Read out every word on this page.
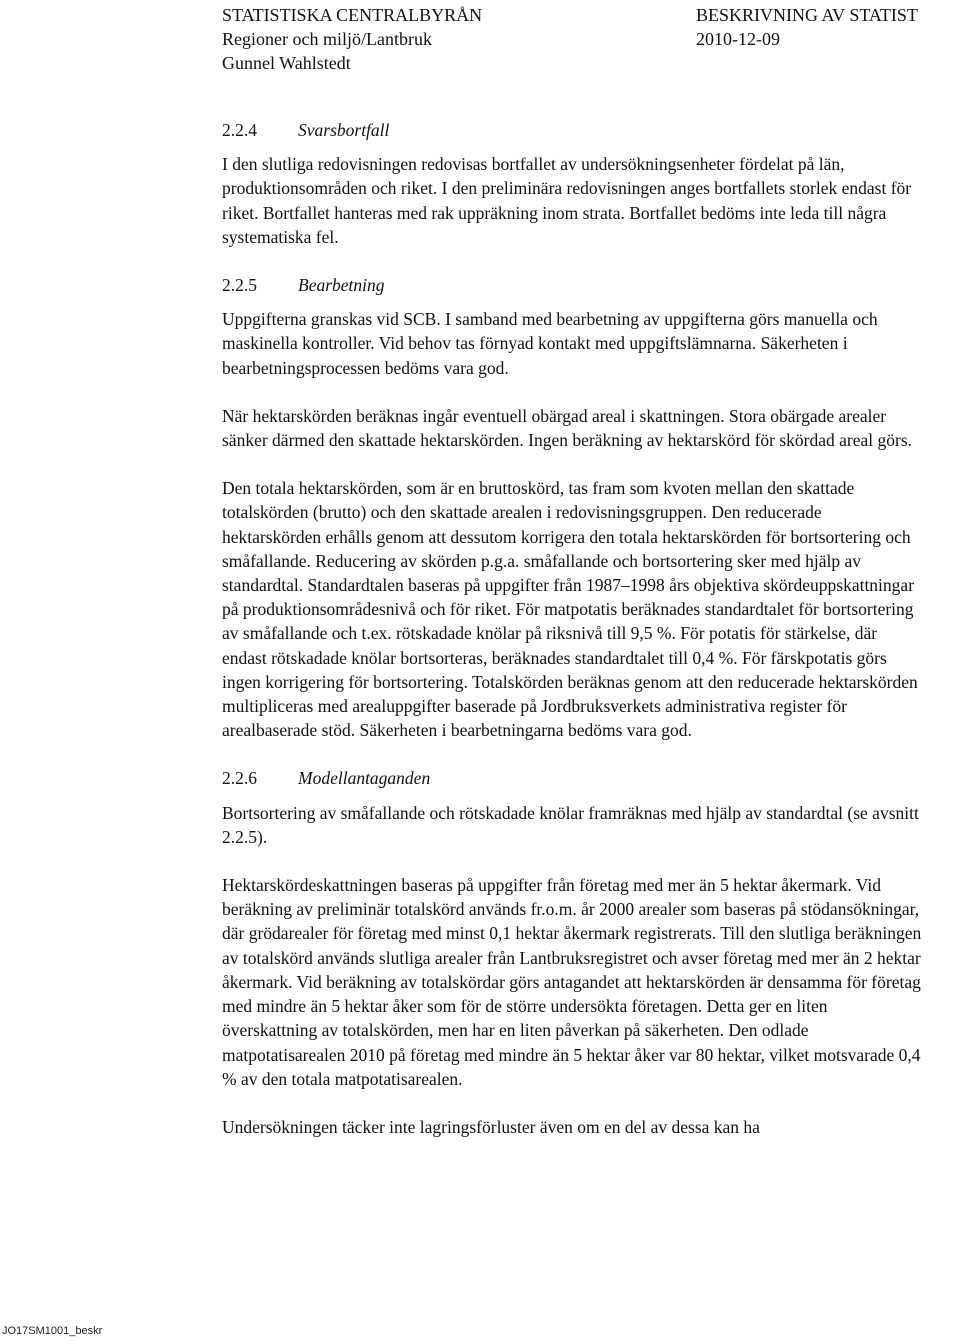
STATISTISKA CENTRALBYRÅN	BESKRIVNING AV STATIST
Regioner och miljö/Lantbruk	2010-12-09
Gunnel Wahlstedt
2.2.4 Svarsbortfall

I den slutliga redovisningen redovisas bortfallet av undersökningsenheter fördelat på län, produktionsområden och riket. I den preliminära redovisningen anges bortfallets storlek endast för riket. Bortfallet hanteras med rak uppräkning inom strata. Bortfallet bedöms inte leda till några systematiska fel.

2.2.5 Bearbetning

Uppgifterna granskas vid SCB. I samband med bearbetning av uppgifterna görs manuella och maskinella kontroller. Vid behov tas förnyad kontakt med uppgiftslämnarna. Säkerheten i bearbetningsprocessen bedöms vara god.

När hektarskörden beräknas ingår eventuell obärgad areal i skattningen. Stora obärgade arealer sänker därmed den skattade hektarskörden. Ingen beräkning av hektarskörd för skördad areal görs.

Den totala hektarskörden, som är en bruttoskörd, tas fram som kvoten mellan den skattade totalskörden (brutto) och den skattade arealen i redovisningsgruppen. Den reducerade hektarskörden erhålls genom att dessutom korrigera den totala hektarskörden för bortsortering och småfallande. Reducering av skörden p.g.a. småfallande och bortsortering sker med hjälp av standardtal. Standardtalen baseras på uppgifter från 1987–1998 års objektiva skördeuppskattningar på produktionsområdesnivå och för riket. För matpotatis beräknades standardtalet för bortsortering av småfallande och t.ex. rötskadade knölar på riksnivå till 9,5 %. För potatis för stärkelse, där endast rötskadade knölar bortsorteras, beräknades standardtalet till 0,4 %. För färskpotatis görs ingen korrigering för bortsortering. Totalskörden beräknas genom att den reducerade hektarskörden multipliceras med arealuppgifter baserade på Jordbruksverkets administrativa register för arealbaserade stöd. Säkerheten i bearbetningarna bedöms vara god.

2.2.6 Modellantaganden

Bortsortering av småfallande och rötskadade knölar framräknas med hjälp av standardtal (se avsnitt 2.2.5).

Hektarskördeskattningen baseras på uppgifter från företag med mer än 5 hektar åkermark. Vid beräkning av preliminär totalskörd används fr.o.m. år 2000 arealer som baseras på stödansökningar, där grödarealer för företag med minst 0,1 hektar åkermark registrerats. Till den slutliga beräkningen av totalskörd används slutliga arealer från Lantbruksregistret och avser företag med mer än 2 hektar åkermark. Vid beräkning av totalskördar görs antagandet att hektarskörden är densamma för företag med mindre än 5 hektar åker som för de större undersökta företagen. Detta ger en liten överskattning av totalskörden, men har en liten påverkan på säkerheten. Den odlade matpotatisarealen 2010 på företag med mindre än 5 hektar åker var 80 hektar, vilket motsvarade 0,4 % av den totala matpotatisarealen.

Undersökningen täcker inte lagringsförluster även om en del av dessa kan ha

JO17SM1001_beskr
